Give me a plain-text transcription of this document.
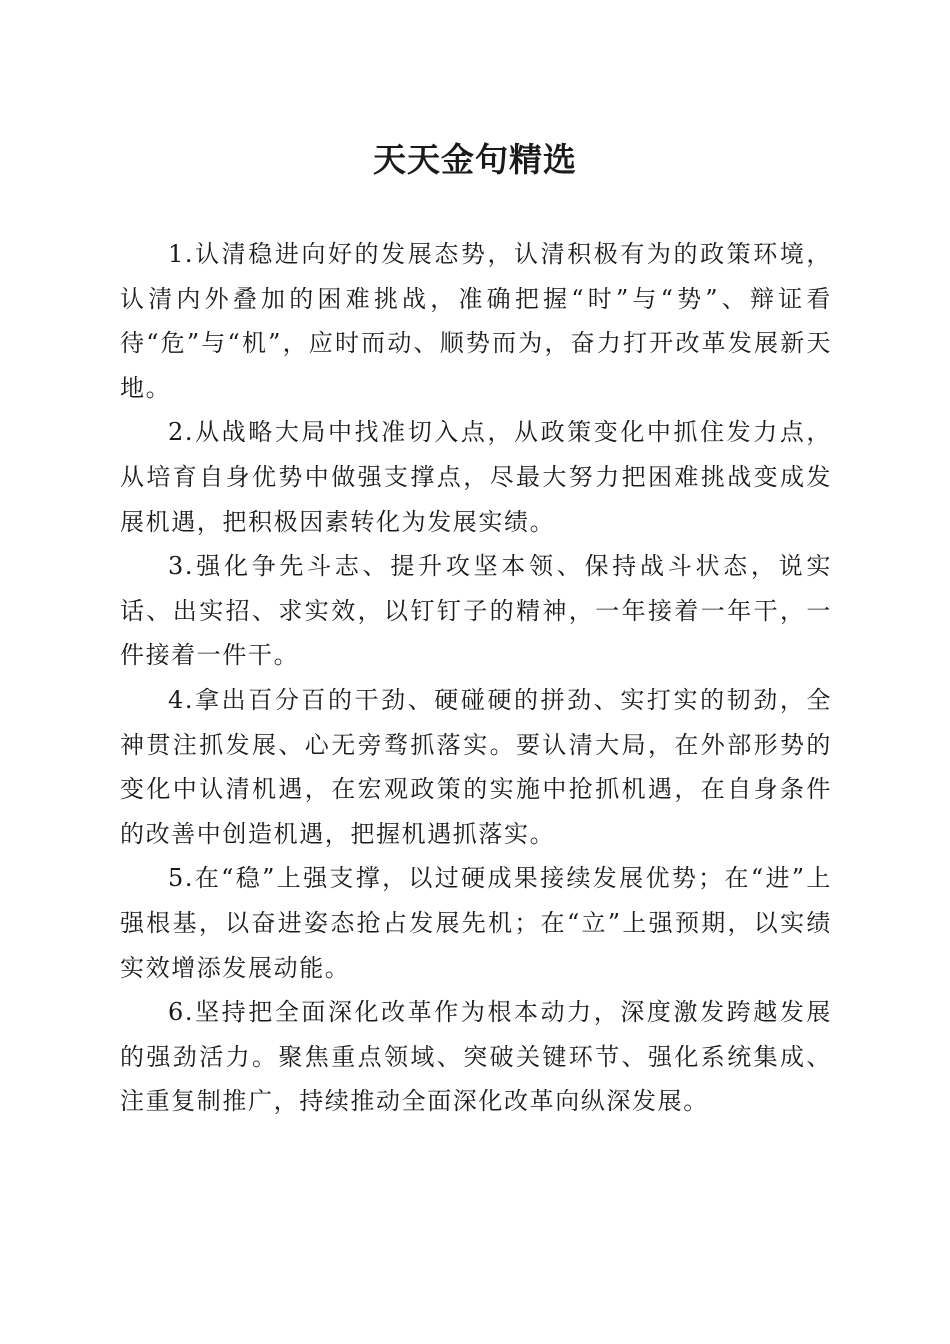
天天金句精选

1.认清稳进向好的发展态势，认清积极有为的政策环境，认清内外叠加的困难挑战，准确把握“时”与“势”、辩证看待“危”与“机”，应时而动、顺势而为，奋力打开改革发展新天地。

2.从战略大局中找准切入点，从政策变化中抓住发力点，从培育自身优势中做强支撑点，尽最大努力把困难挑战变成发展机遇，把积极因素转化为发展实绩。

3.强化争先斗志、提升攻坚本领、保持战斗状态，说实话、出实招、求实效，以钉钉子的精神，一年接着一年干，一件接着一件干。

4.拿出百分百的干劲、硬碰硬的拼劲、实打实的韧劲，全神贯注抓发展、心无旁骛抓落实。要认清大局，在外部形势的变化中认清机遇，在宏观政策的实施中抢抓机遇，在自身条件的改善中创造机遇，把握机遇抓落实。

5.在“稳”上强支撑，以过硬成果接续发展优势；在“进”上强根基，以奋进姿态抢占发展先机；在“立”上强预期，以实绩实效增添发展动能。

6.坚持把全面深化改革作为根本动力，深度激发跨越发展的强劲活力。聚焦重点领域、突破关键环节、强化系统集成、注重复制推广，持续推动全面深化改革向纵深发展。
